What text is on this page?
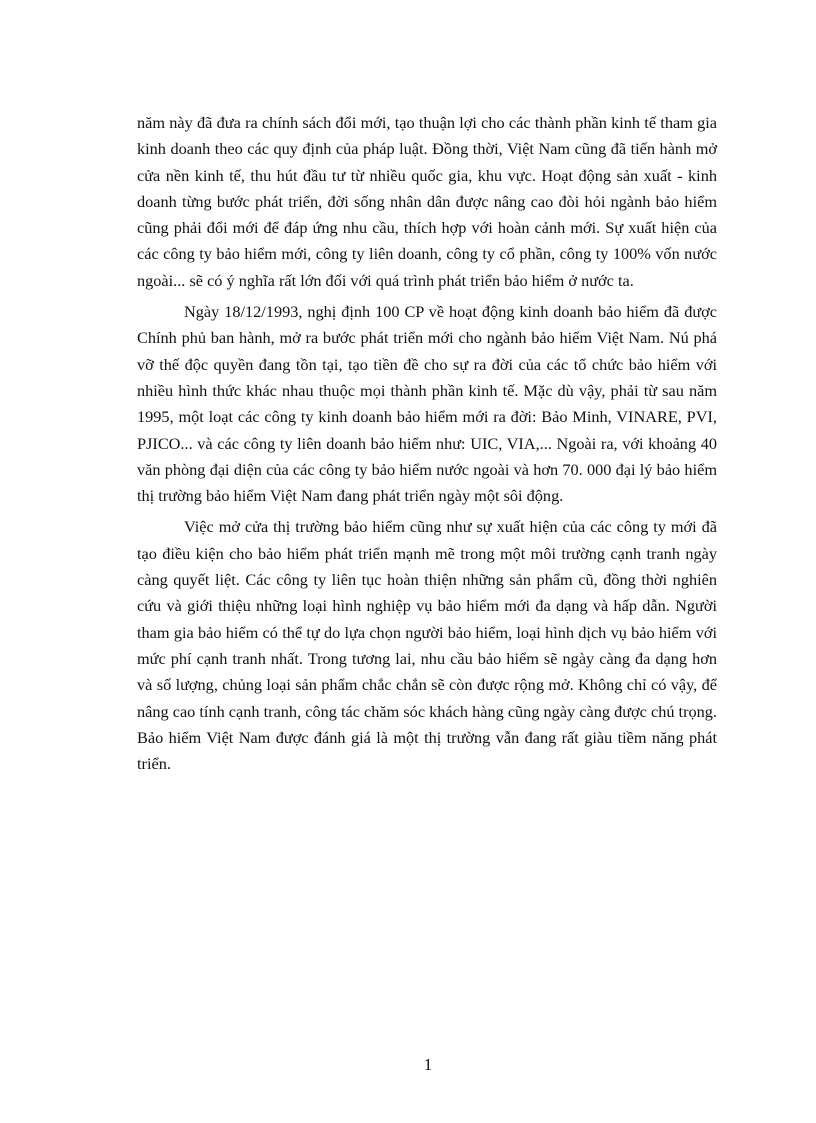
năm này đã đưa ra chính sách đổi mới, tạo thuận lợi cho các thành phần kinh tế tham gia kinh doanh theo các quy định của pháp luật. Đồng thời, Việt Nam cũng đã tiến hành mở cửa nền kinh tế, thu hút đầu tư từ nhiều quốc gia, khu vực. Hoạt động sản xuất - kinh doanh từng bước phát triển, đời sống nhân dân được nâng cao đòi hỏi ngành bảo hiểm cũng phải đổi mới để đáp ứng nhu cầu, thích hợp với hoàn cảnh mới. Sự xuất hiện của các công ty bảo hiểm mới, công ty liên doanh, công ty cổ phần, công ty 100% vốn nước ngoài... sẽ có ý nghĩa rất lớn đối với quá trình phát triển bảo hiểm ở nước ta.

Ngày 18/12/1993, nghị định 100 CP về hoạt động kinh doanh bảo hiểm đã được Chính phủ ban hành, mở ra bước phát triển mới cho ngành bảo hiểm Việt Nam. Nú phá vỡ thế độc quyền đang tồn tại, tạo tiền đề cho sự ra đời của các tổ chức bảo hiểm với nhiều hình thức khác nhau thuộc mọi thành phần kinh tế. Mặc dù vậy, phải từ sau năm 1995, một loạt các công ty kinh doanh bảo hiểm mới ra đời: Bảo Minh, VINARE, PVI, PJICO... và các công ty liên doanh bảo hiểm như: UIC, VIA,... Ngoài ra, với khoảng 40 văn phòng đại diện của các công ty bảo hiểm nước ngoài và hơn 70. 000 đại lý bảo hiểm thị trường bảo hiểm Việt Nam đang phát triển ngày một sôi động.

Việc mở cửa thị trường bảo hiểm cũng như sự xuất hiện của các công ty mới đã tạo điều kiện cho bảo hiểm phát triển mạnh mẽ trong một môi trường cạnh tranh ngày càng quyết liệt. Các công ty liên tục hoàn thiện những sản phẩm cũ, đồng thời nghiên cứu và giới thiệu những loại hình nghiệp vụ bảo hiểm mới đa dạng và hấp dẫn. Người tham gia bảo hiểm có thể tự do lựa chọn người bảo hiểm, loại hình dịch vụ bảo hiểm với mức phí cạnh tranh nhất. Trong tương lai, nhu cầu bảo hiểm sẽ ngày càng đa dạng hơn và số lượng, chủng loại sản phẩm chắc chắn sẽ còn được rộng mở. Không chỉ có vậy, để nâng cao tính cạnh tranh, công tác chăm sóc khách hàng cũng ngày càng được chú trọng. Bảo hiểm Việt Nam được đánh giá là một thị trường vẫn đang rất giàu tiềm năng phát triển.

1
